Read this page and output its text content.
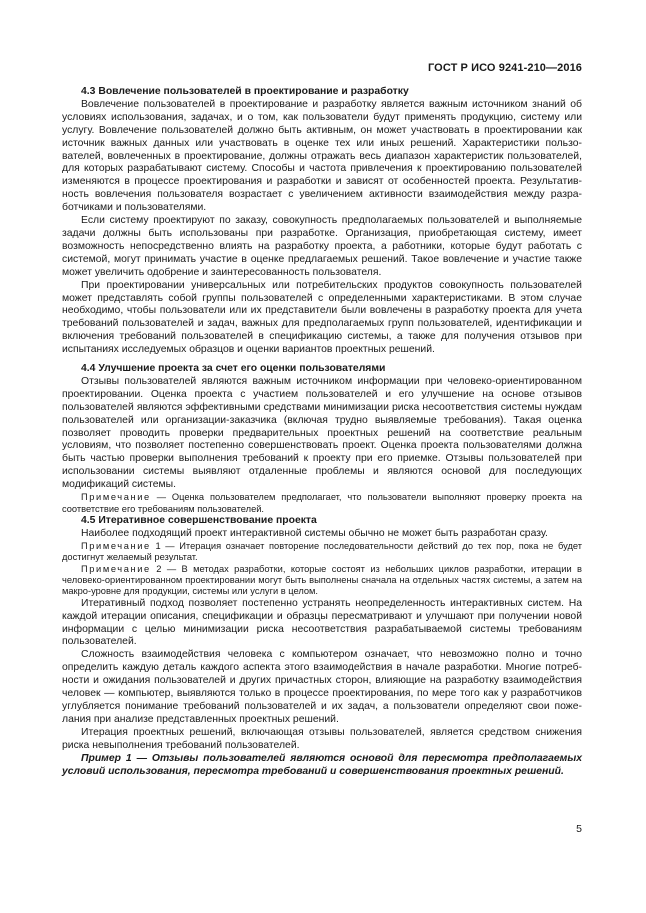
ГОСТ Р ИСО 9241-210—2016

4.3 Вовлечение пользователей в проектирование и разработку

Вовлечение пользователей в проектирование и разработку является важным источником знаний об условиях использования, задачах, и о том, как пользователи будут применять продукцию, систему или услугу. Вовлечение пользователей должно быть активным, он может участвовать в проектировании как источник важных данных или участвовать в оценке тех или иных решений. Характеристики пользователей, вовлеченных в проектирование, должны отражать весь диапазон характеристик пользователей, для которых разрабатывают систему. Способы и частота привлечения к проектированию пользователей изменяются в процессе проектирования и разработки и зависят от особенностей проекта. Результативность вовлечения пользователя возрастает с увеличением активности взаимодействия между разработчиками и пользователями.

Если систему проектируют по заказу, совокупность предполагаемых пользователей и выполняемые задачи должны быть использованы при разработке. Организация, приобретающая систему, имеет возможность непосредственно влиять на разработку проекта, а работники, которые будут работать с системой, могут принимать участие в оценке предлагаемых решений. Такое вовлечение и участие также может увеличить одобрение и заинтересованность пользователя.

При проектировании универсальных или потребительских продуктов совокупность пользователей может представлять собой группы пользователей с определенными характеристиками. В этом случае необходимо, чтобы пользователи или их представители были вовлечены в разработку проекта для учета требований пользователей и задач, важных для предполагаемых групп пользователей, идентификации и включения требований пользователей в спецификацию системы, а также для получения отзывов при испытаниях исследуемых образцов и оценки вариантов проектных решений.

4.4 Улучшение проекта за счет его оценки пользователями

Отзывы пользователей являются важным источником информации при человеко-ориентированном проектировании. Оценка проекта с участием пользователей и его улучшение на основе отзывов пользователей являются эффективными средствами минимизации риска несоответствия системы нуждам пользователей или организации-заказчика (включая трудно выявляемые требования). Такая оценка позволяет проводить проверки предварительных проектных решений на соответствие реальным условиям, что позволяет постепенно совершенствовать проект. Оценка проекта пользователями должна быть частью проверки выполнения требований к проекту при его приемке. Отзывы пользователей при использовании системы выявляют отдаленные проблемы и являются основой для последующих модификаций системы.

Примечание — Оценка пользователем предполагает, что пользователи выполняют проверку проекта на соответствие его требованиям пользователей.

4.5 Итеративное совершенствование проекта

Наиболее подходящий проект интерактивной системы обычно не может быть разработан сразу.

Примечание 1 — Итерация означает повторение последовательности действий до тех пор, пока не будет достигнут желаемый результат.

Примечание 2 — В методах разработки, которые состоят из небольших циклов разработки, итерации в человеко-ориентированном проектировании могут быть выполнены сначала на отдельных частях системы, а затем на макро-уровне для продукции, системы или услуги в целом.

Итеративный подход позволяет постепенно устранять неопределенность интерактивных систем. На каждой итерации описания, спецификации и образцы пересматривают и улучшают при получении новой информации с целью минимизации риска несоответствия разрабатываемой системы требованиям пользователей.

Сложность взаимодействия человека с компьютером означает, что невозможно полно и точно определить каждую деталь каждого аспекта этого взаимодействия в начале разработки. Многие потребности и ожидания пользователей и других причастных сторон, влияющие на разработку взаимодействия человек — компьютер, выявляются только в процессе проектирования, по мере того как у разработчиков углубляется понимание требований пользователей и их задач, а пользователи определяют свои пожелания при анализе представленных проектных решений.

Итерация проектных решений, включающая отзывы пользователей, является средством снижения риска невыполнения требований пользователей.

Пример 1 — Отзывы пользователей являются основой для пересмотра предполагаемых условий использования, пересмотра требований и совершенствования проектных решений.

5
